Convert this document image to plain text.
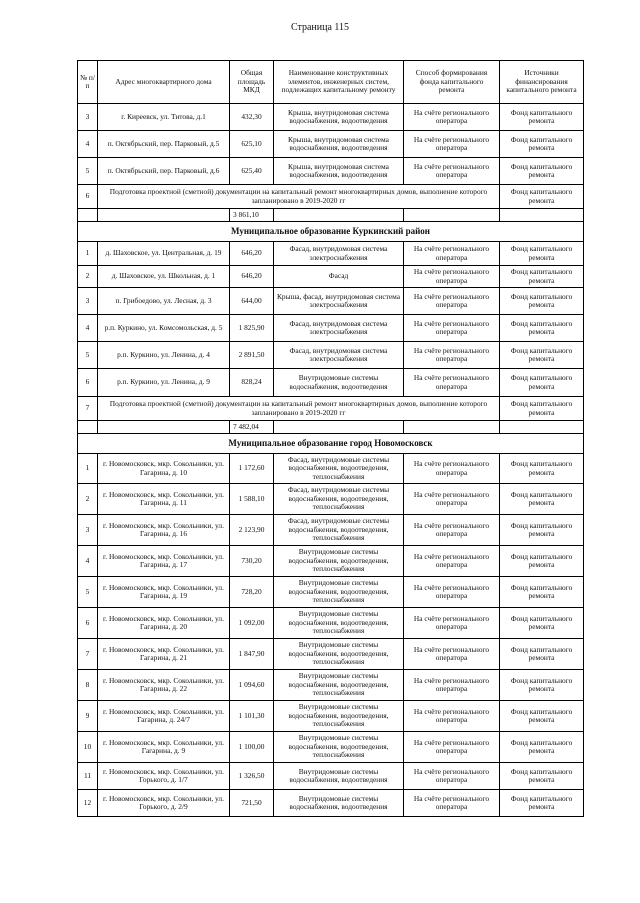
Страница 115
№ п/п	Адрес многоквартирного дома	Общая площадь МКД	Наименование конструктивных элементов, инженерных систем, подлежащих капитальному ремонту	Способ формирования фонда капитального ремонта	Источники финансирования капитального ремонта
3	г. Киреевск, ул. Титова, д.1	432,30	Крыша, внутридомовая система водоснабжения, водоотведения	На счёте регионального оператора	Фонд капитального ремонта
4	п. Октябрьский, пер. Парковый, д.5	625,10	Крыша, внутридомовая система водоснабжения, водоотведения	На счёте регионального оператора	Фонд капитального ремонта
5	п. Октябрьский, пер. Парковый, д.6	625,40	Крыша, внутридомовая система водоснабжения, водоотведения	На счёте регионального оператора	Фонд капитального ремонта
6	Подготовка проектной (сметной) документации на капитальный ремонт многоквартирных домов, выполнение которого запланировано в 2019-2020 гг				Фонд капитального ремонта
		3 861,10			
Муниципальное образование Куркинский район					
1	д. Шаховское, ул. Центральная, д. 19	646,20	Фасад, внутридомовая система электроснабжения	На счёте регионального оператора	Фонд капитального ремонта
2	д. Шаховское, ул. Школьная, д. 1	646,20	Фасад	На счёте регионального оператора	Фонд капитального ремонта
3	п. Грибоедово, ул. Лесная, д. 3	644,00	Крыша, фасад, внутридомовая система электроснабжения	На счёте регионального оператора	Фонд капитального ремонта
4	р.п. Куркино, ул. Комсомольская, д. 5	1 825,90	Фасад, внутридомовая система электроснабжения	На счёте регионального оператора	Фонд капитального ремонта
5	р.п. Куркино, ул. Ленина, д. 4	2 891,50	Фасад, внутридомовая система электроснабжения	На счёте регионального оператора	Фонд капитального ремонта
6	р.п. Куркино, ул. Ленина, д. 9	828,24	Внутридомовые системы водоснабжения, водоотведения	На счёте регионального оператора	Фонд капитального ремонта
7	Подготовка проектной (сметной) документации на капитальный ремонт многоквартирных домов, выполнение которого запланировано в 2019-2020 гг				Фонд капитального ремонта
		7 482,04			
Муниципальное образование город Новомосковск					
1	г. Новомосковск, мкр. Сокольники, ул. Гагарина, д. 10	1 172,60	Фасад, внутридомовые системы водоснабжения, водоотведения, теплоснабжения	На счёте регионального оператора	Фонд капитального ремонта
2	г. Новомосковск, мкр. Сокольники, ул. Гагарина, д. 11	1 588,10	Фасад, внутридомовые системы водоснабжения, водоотведения, теплоснабжения	На счёте регионального оператора	Фонд капитального ремонта
3	г. Новомосковск, мкр. Сокольники, ул. Гагарина, д. 16	2 123,90	Фасад, внутридомовые системы водоснабжения, водоотведения, теплоснабжения	На счёте регионального оператора	Фонд капитального ремонта
4	г. Новомосковск, мкр. Сокольники, ул. Гагарина, д. 17	730,20	Внутридомовые системы водоснабжения, водоотведения, теплоснабжения	На счёте регионального оператора	Фонд капитального ремонта
5	г. Новомосковск, мкр. Сокольники, ул. Гагарина, д. 19	728,20	Внутридомовые системы водоснабжения, водоотведения, теплоснабжения	На счёте регионального оператора	Фонд капитального ремонта
6	г. Новомосковск, мкр. Сокольники, ул. Гагарина, д. 20	1 092,00	Внутридомовые системы водоснабжения, водоотведения, теплоснабжения	На счёте регионального оператора	Фонд капитального ремонта
7	г. Новомосковск, мкр. Сокольники, ул. Гагарина, д. 21	1 847,90	Внутридомовые системы водоснабжения, водоотведения, теплоснабжения	На счёте регионального оператора	Фонд капитального ремонта
8	г. Новомосковск, мкр. Сокольники, ул. Гагарина, д. 22	1 094,60	Внутридомовые системы водоснабжения, водоотведения, теплоснабжения	На счёте регионального оператора	Фонд капитального ремонта
9	г. Новомосковск, мкр. Сокольники, ул. Гагарина, д. 24/7	1 101,30	Внутридомовые системы водоснабжения, водоотведения, теплоснабжения	На счёте регионального оператора	Фонд капитального ремонта
10	г. Новомосковск, мкр. Сокольники, ул. Гагарина, д. 9	1 100,00	Внутридомовые системы водоснабжения, водоотведения, теплоснабжения	На счёте регионального оператора	Фонд капитального ремонта
11	г. Новомосковск, мкр. Сокольники, ул. Горького, д. 1/7	1 326,50	Внутридомовые системы водоснабжения, водоотведения	На счёте регионального оператора	Фонд капитального ремонта
12	г. Новомосковск, мкр. Сокольники, ул. Горького, д. 2/9	721,50	Внутридомовые системы водоснабжения, водоотведения	На счёте регионального оператора	Фонд капитального ремонта
